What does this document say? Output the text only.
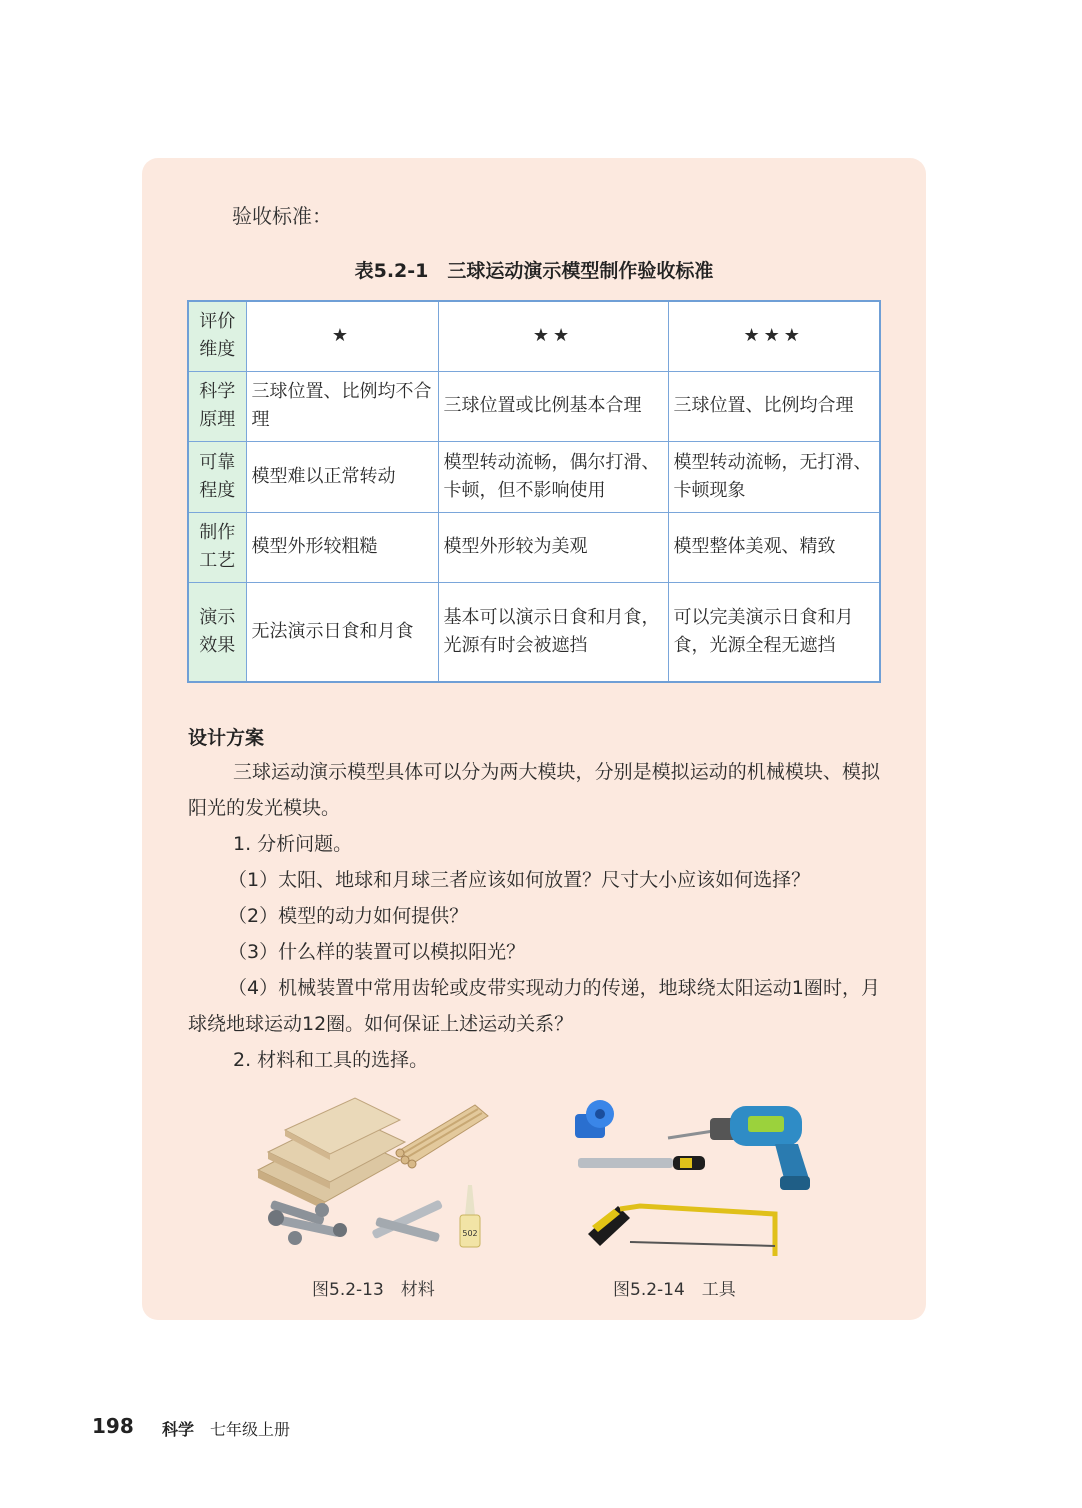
验收标准：
表5.2-1　三球运动演示模型制作验收标准
评价维度	★	★★	★★★
科学原理	三球位置、比例均不合理	三球位置或比例基本合理	三球位置、比例均合理
可靠程度	模型难以正常转动	模型转动流畅，偶尔打滑、卡顿，但不影响使用	模型转动流畅，无打滑、卡顿现象
制作工艺	模型外形较粗糙	模型外形较为美观	模型整体美观、精致
演示效果	无法演示日食和月食	基本可以演示日食和月食，光源有时会被遮挡	可以完美演示日食和月食，光源全程无遮挡
设计方案
三球运动演示模型具体可以分为两大模块，分别是模拟运动的机械模块、模拟阳光的发光模块。
1. 分析问题。
（1）太阳、地球和月球三者应该如何放置？尺寸大小应该如何选择？
（2）模型的动力如何提供？
（3）什么样的装置可以模拟阳光？
（4）机械装置中常用齿轮或皮带实现动力的传递，地球绕太阳运动1圈时，月球绕地球运动12圈。如何保证上述运动关系？
2. 材料和工具的选择。
502
图5.2-13　材料	图5.2-14　工具
198 科学 七年级上册
